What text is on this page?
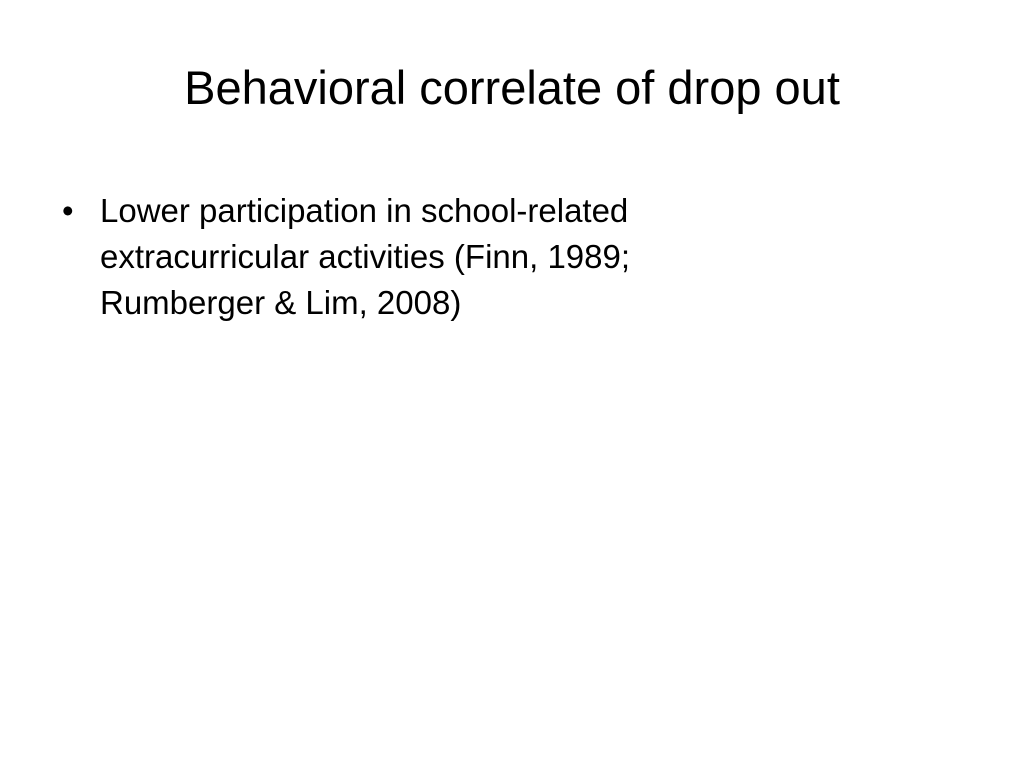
Behavioral correlate of drop out
• Lower participation in school-related extracurricular activities (Finn, 1989; Rumberger & Lim, 2008)
